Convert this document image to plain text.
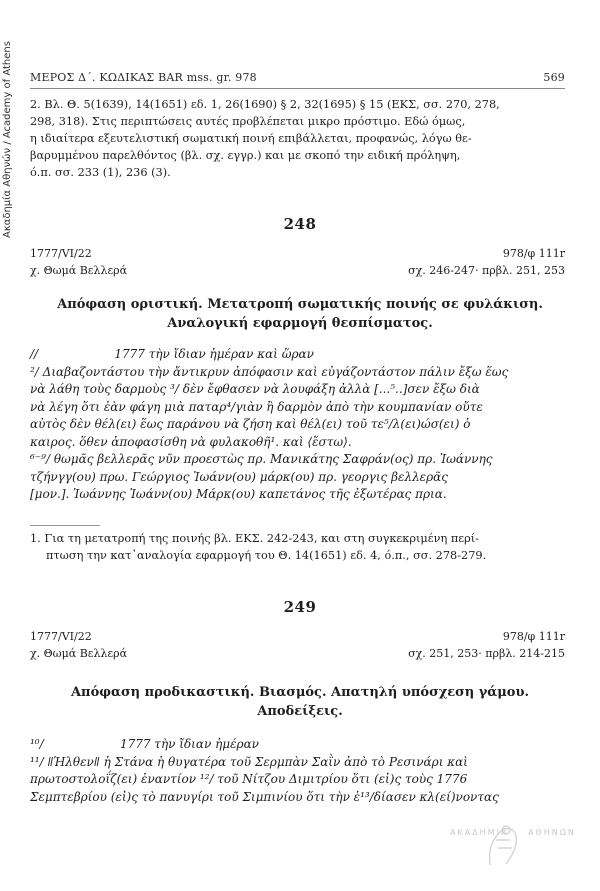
Ακαδημία Αθηνών / Academy of Athens ΜΕΡΟΣ Δ΄. ΚΩΔΙΚΑΣ BAR mss. gr. 978	569

2. Βλ. Θ. 5(1639), 14(1651) εδ. 1, 26(1690) § 2, 32(1695) § 15 (ΕΚΣ, σσ. 270, 278,

298, 318). Στις περιπτώσεις αυτές προβλέπεται μικρο πρόστιμο. Εδώ όμως,

η ιδιαίτερα εξευτελιστική σωματική ποινή επιβάλλεται, προφανώς, λόγω θε-

βαρυμμένου παρελθόντος (βλ. σχ. εγγρ.) και με σκοπό την ειδική πρόληψη,

ό.π. σσ. 233 (1), 236 (3).

248
1777/VI/22	978/φ 111r
χ. Θωμά Βελλερά	σχ. 246-247· πρβλ. 251, 253
Απόφαση οριστική. Μετατροπή σωματικής ποινής σε φυλάκιση.
Αναλογική εφαρμογή θεσπίσματος.

//                    1777 τὴν ἴδιαν ἡμέραν καὶ ὥραν

²/ Διαβαζοντάστου τὴν ἄντικρυν ἀπόφασιν καὶ εὐγάζοντάστον πάλιν ἔξω ἕως

νὰ λάθη τοὺς δαρμοὺς ³/ δὲν ἔφθασεν νὰ λουφάξη ἀλλὰ [...⁵..]σεν ἔξω διὰ

νὰ λέγη ὅτι ἐὰν φάγη μιὰ παταρ⁴/γιὰν ἢ δαρμὸν ἀπὸ τὴν κουμπανίαν οὔτε

αὐτὸς δὲν θέλ(ει) ἕως παράνου νὰ ζήση καὶ θέλ(ει) τοῦ τε⁵/λ(ει)ώσ(ει) ὁ

καιρος. ὅθεν ἀποφασίσθη νὰ φυλακοθῆ¹. καὶ ⟨ἔστω⟩.

⁶⁻⁹/ θωμᾶς βελλερᾶς νῦν προεστὼς πρ. Μανικάτης Σαφράν(ος) πρ. Ἰωάννης

τζήνγγ(ου) πρω. Γεώργιος Ἰωάνν(ου) μάρκ(ου) πρ. γεοργις βελλερᾶς

[μον.]. Ἰωάννης Ἰωάνν(ου) Μάρκ(ου) καπετάνος τῆς ἐξωτέρας πρια.

1. Για τη μετατροπή της ποινής βλ. ΕΚΣ. 242-243, και στη συγκεκριμένη περί-

πτωση την κατ᾽αναλογία εφαρμογή του Θ. 14(1651) εδ. 4, ό.π., σσ. 278-279.

249
1777/VI/22	978/φ 111r
χ. Θωμά Βελλερά	σχ. 251, 253· πρβλ. 214-215
Απόφαση προδικαστική. Βιασμός. Απατηλή υπόσχεση γάμου.
Αποδείξεις.

¹⁰/                    1777 τὴν ἴδιαν ἡμέραν

¹¹/ ǁἩλθενǁ ἡ Στάνα ἡ θυγατέρα τοῦ Σερμπὰν Σαῒν ἀπὸ τὸ Ρεσινάρι καὶ

πρωτοστολοΐζ(ει) ἐναντίον ¹²/ τοῦ Νίτζου Διμιτρίου ὅτι (εἰ)ς τοὺς 1776

Σεμπτεβρίου (εἰ)ς τὸ πανυγίρι τοῦ Σιμπινίου ὅτι τὴν ἐ¹³/δίασεν κλ(εί)νοντας

ΑΚΑΔΗΜΙΑ ΑΘΗΝΩΝ
